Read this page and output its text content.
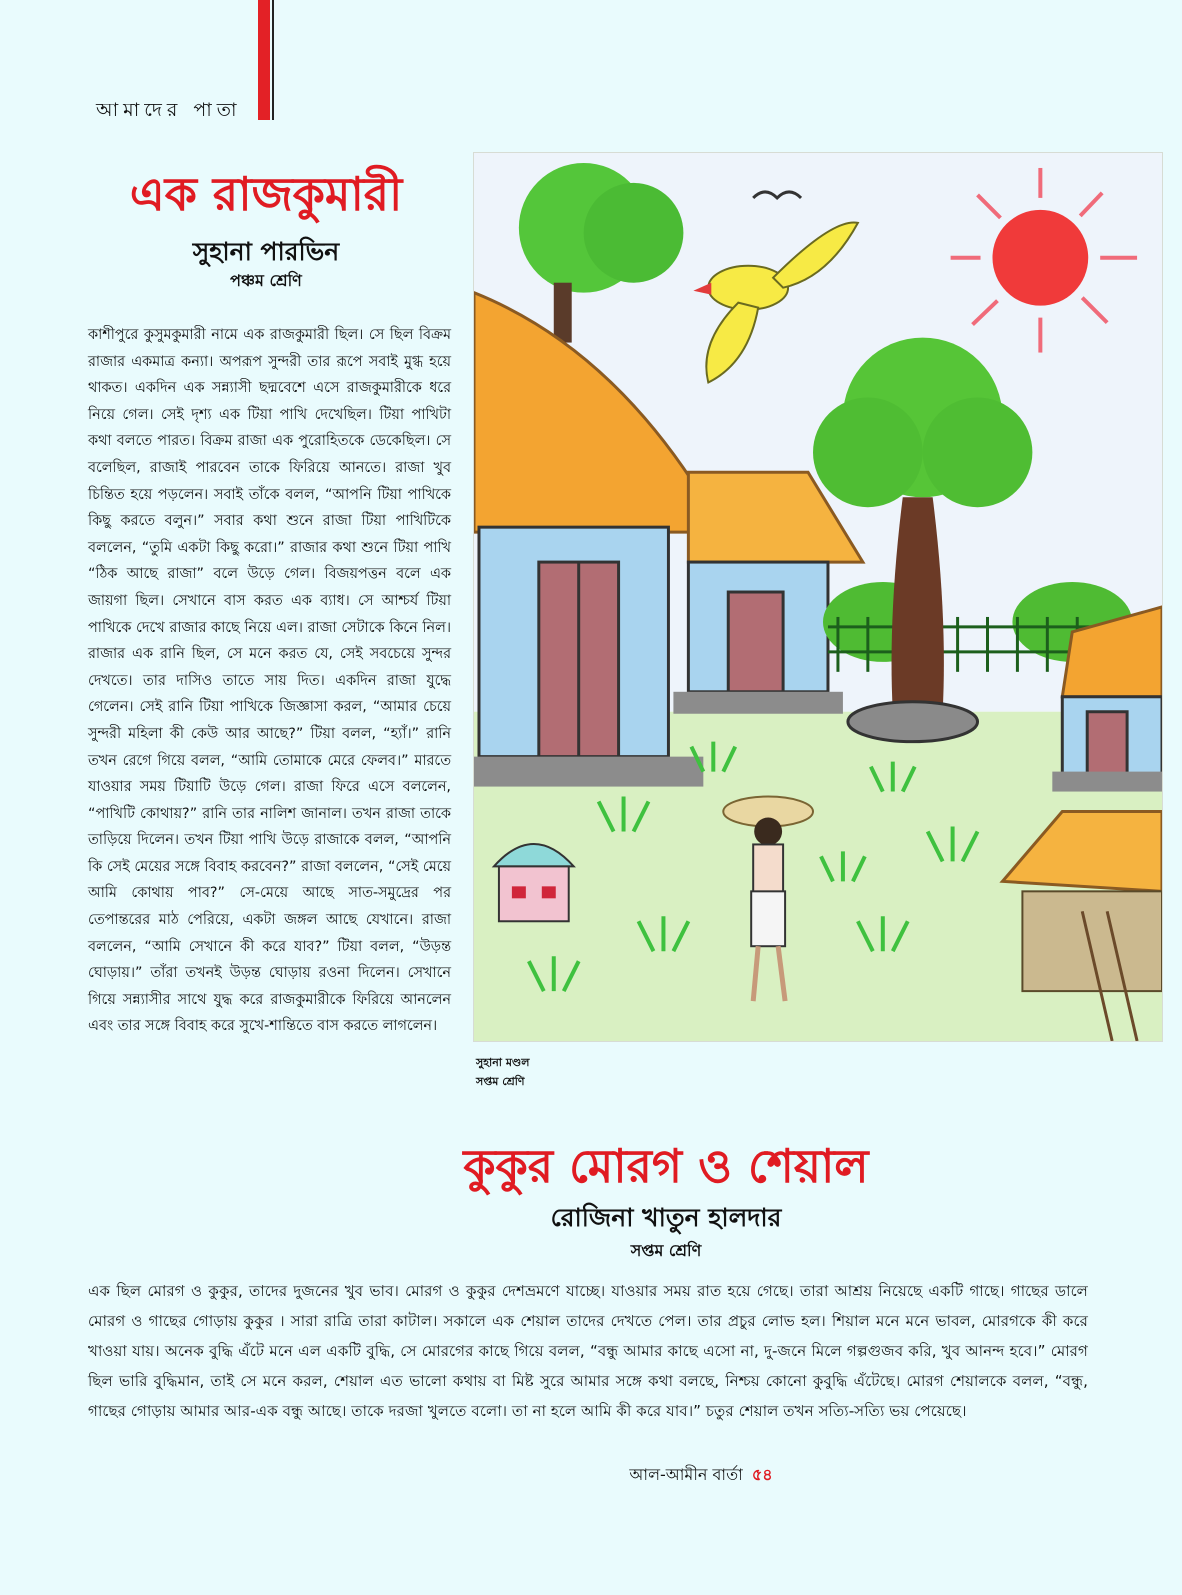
আমাদের পাতা
এক রাজকুমারী
সুহানা পারভিন
পঞ্চম শ্রেণি
কাশীপুরে কুসুমকুমারী নামে এক রাজকুমারী ছিল। সে ছিল বিক্রম রাজার একমাত্র কন্যা। অপরূপ সুন্দরী তার রূপে সবাই মুগ্ধ হয়ে থাকত। একদিন এক সন্ন্যাসী ছদ্মবেশে এসে রাজকুমারীকে ধরে নিয়ে গেল। সেই দৃশ্য এক টিয়া পাখি দেখেছিল। টিয়া পাখিটা কথা বলতে পারত। বিক্রম রাজা এক পুরোহিতকে ডেকেছিল। সে বলেছিল, রাজাই পারবেন তাকে ফিরিয়ে আনতে। রাজা খুব চিন্তিত হয়ে পড়লেন। সবাই তাঁকে বলল, “আপনি টিয়া পাখিকে কিছু করতে বলুন।” সবার কথা শুনে রাজা টিয়া পাখিটিকে বললেন, “তুমি একটা কিছু করো।” রাজার কথা শুনে টিয়া পাখি “ঠিক আছে রাজা” বলে উড়ে গেল। বিজয়পত্তন বলে এক জায়গা ছিল। সেখানে বাস করত এক ব্যাধ। সে আশ্চর্য টিয়া পাখিকে দেখে রাজার কাছে নিয়ে এল। রাজা সেটাকে কিনে নিল। রাজার এক রানি ছিল, সে মনে করত যে, সেই সবচেয়ে সুন্দর দেখতে। তার দাসিও তাতে সায় দিত। একদিন রাজা যুদ্ধে গেলেন। সেই রানি টিয়া পাখিকে জিজ্ঞাসা করল, “আমার চেয়ে সুন্দরী মহিলা কী কেউ আর আছে?” টিয়া বলল, “হ্যাঁ।” রানি তখন রেগে গিয়ে বলল, “আমি তোমাকে মেরে ফেলব।” মারতে যাওয়ার সময় টিয়াটি উড়ে গেল। রাজা ফিরে এসে বললেন, “পাখিটি কোথায়?” রানি তার নালিশ জানাল। তখন রাজা তাকে তাড়িয়ে দিলেন। তখন টিয়া পাখি উড়ে রাজাকে বলল, “আপনি কি সেই মেয়ের সঙ্গে বিবাহ করবেন?” রাজা বললেন, “সেই মেয়ে আমি কোথায় পাব?” সে-মেয়ে আছে সাত-সমুদ্রের পর তেপান্তরের মাঠ পেরিয়ে, একটা জঙ্গল আছে যেখানে। রাজা বললেন, “আমি সেখানে কী করে যাব?” টিয়া বলল, “উড়ন্ত ঘোড়ায়।” তাঁরা তখনই উড়ন্ত ঘোড়ায় রওনা দিলেন। সেখানে গিয়ে সন্ন্যাসীর সাথে যুদ্ধ করে রাজকুমারীকে ফিরিয়ে আনলেন এবং তার সঙ্গে বিবাহ করে সুখে-শান্তিতে বাস করতে লাগলেন।
সুহানা মণ্ডল
সপ্তম শ্রেণি
কুকুর মোরগ ও শেয়াল
রোজিনা খাতুন হালদার
সপ্তম শ্রেণি
এক ছিল মোরগ ও কুকুর, তাদের দুজনের খুব ভাব। মোরগ ও কুকুর দেশভ্রমণে যাচ্ছে। যাওয়ার সময় রাত হয়ে গেছে। তারা আশ্রয় নিয়েছে একটি গাছে। গাছের ডালে মোরগ ও গাছের গোড়ায় কুকুর । সারা রাত্রি তারা কাটাল। সকালে এক শেয়াল তাদের দেখতে পেল। তার প্রচুর লোভ হল। শিয়াল মনে মনে ভাবল, মোরগকে কী করে খাওয়া যায়। অনেক বুদ্ধি এঁটে মনে এল একটি বুদ্ধি, সে মোরগের কাছে গিয়ে বলল, “বন্ধু আমার কাছে এসো না, দু-জনে মিলে গল্পগুজব করি, খুব আনন্দ হবে।” মোরগ ছিল ভারি বুদ্ধিমান, তাই সে মনে করল, শেয়াল এত ভালো কথায় বা মিষ্ট সুরে আমার সঙ্গে কথা বলছে, নিশ্চয় কোনো কুবুদ্ধি এঁটেছে। মোরগ শেয়ালকে বলল, “বন্ধু, গাছের গোড়ায় আমার আর-এক বন্ধু আছে। তাকে দরজা খুলতে বলো। তা না হলে আমি কী করে যাব।” চতুর শেয়াল তখন সত্যি-সত্যি ভয় পেয়েছে।
আল-আমীন বার্তা ৫৪
